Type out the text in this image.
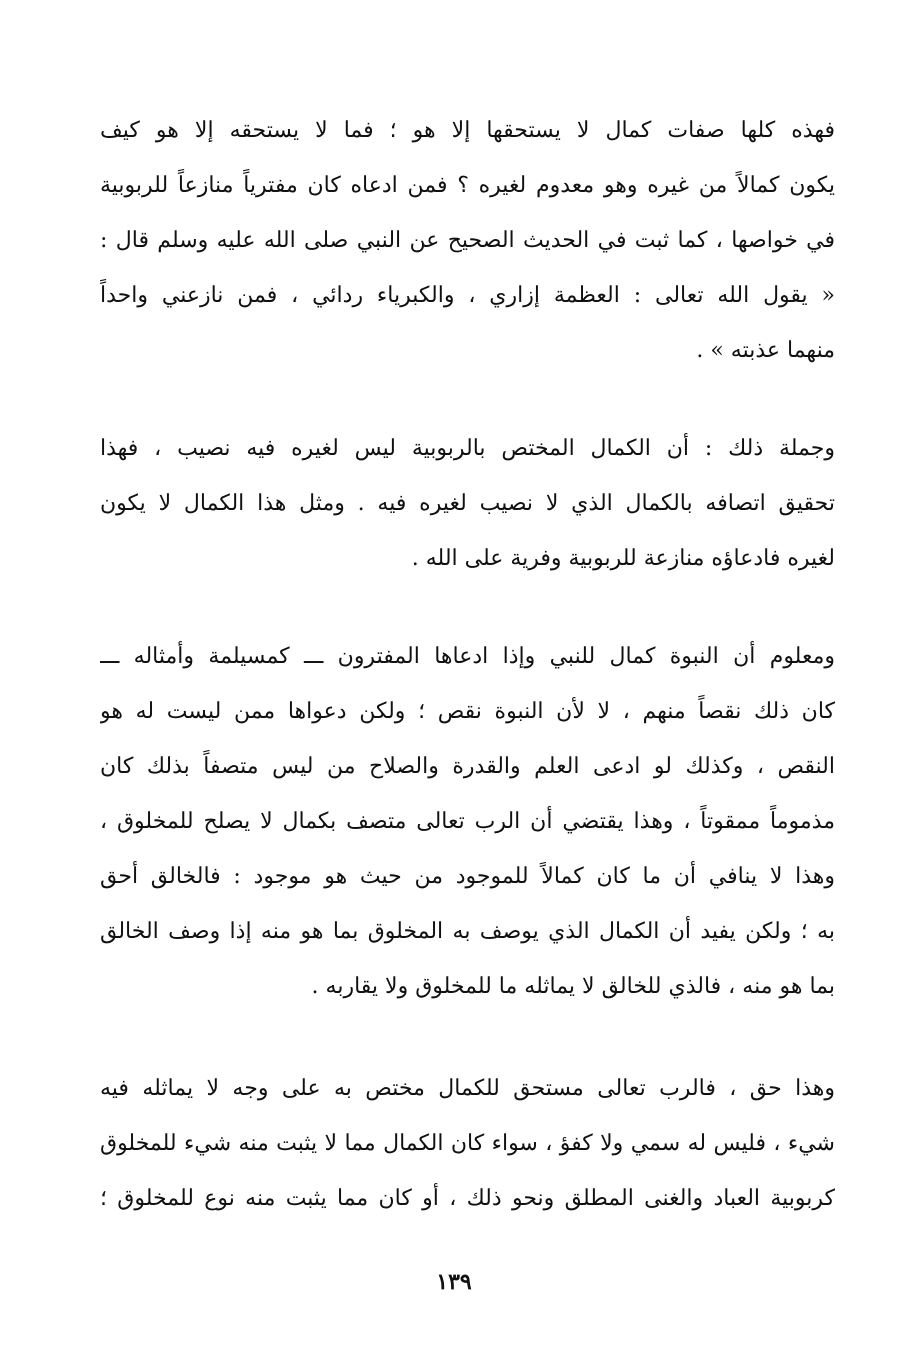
فهذه كلها صفات كمال لا يستحقها إلا هو ؛ فما لا يستحقه إلا هو كيف
يكون كمالاً من غيره وهو معدوم لغيره ؟ فمن ادعاه كان مفترياً منازعاً للربوبية
في خواصها ، كما ثبت في الحديث الصحيح عن النبي صلى الله عليه وسلم قال :
« يقول الله تعالى : العظمة إزاري ، والكبرياء ردائي ، فمن نازعني واحداً
منهما عذبته » .
وجملة ذلك : أن الكمال المختص بالربوبية ليس لغيره فيه نصيب ، فهذا
تحقيق اتصافه بالكمال الذي لا نصيب لغيره فيه . ومثل هذا الكمال لا يكون
لغيره فادعاؤه منازعة للربوبية وفرية على الله .
ومعلوم أن النبوة كمال للنبي وإذا ادعاها المفترون ـــ كمسيلمة وأمثاله ـــ
كان ذلك نقصاً منهم ، لا لأن النبوة نقص ؛ ولكن دعواها ممن ليست له هو
النقص ، وكذلك لو ادعى العلم والقدرة والصلاح من ليس متصفاً بذلك كان
مذموماً ممقوتاً ، وهذا يقتضي أن الرب تعالى متصف بكمال لا يصلح للمخلوق ،
وهذا لا ينافي أن ما كان كمالاً للموجود من حيث هو موجود : فالخالق أحق
به ؛ ولكن يفيد أن الكمال الذي يوصف به المخلوق بما هو منه إذا وصف الخالق
بما هو منه ، فالذي للخالق لا يماثله ما للمخلوق ولا يقاربه .
وهذا حق ، فالرب تعالى مستحق للكمال مختص به على وجه لا يماثله فيه
شيء ، فليس له سمي ولا كفؤ ، سواء كان الكمال مما لا يثبت منه شيء للمخلوق
كربوبية العباد والغنى المطلق ونحو ذلك ، أو كان مما يثبت منه نوع للمخلوق ؛
١٣٩
